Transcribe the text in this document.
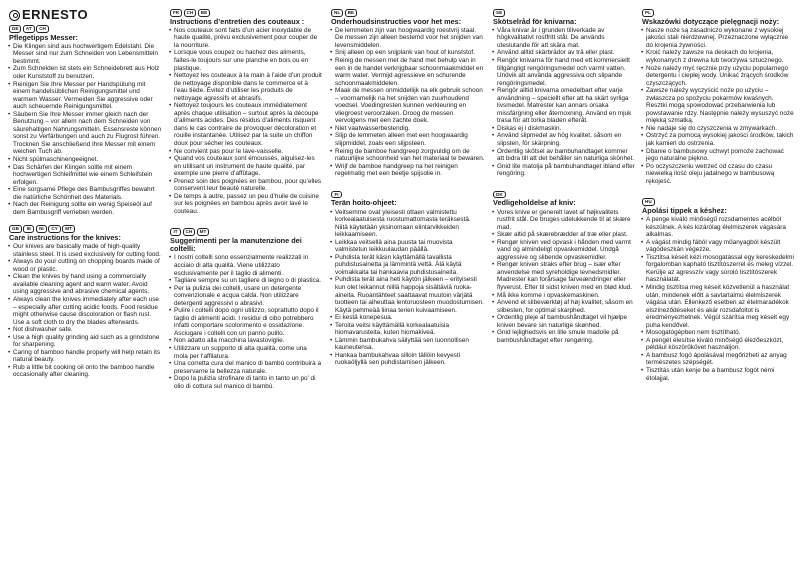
ERNESTO
DE	AT	CH
Pflegetipps Messer:
• Die Klingen sind aus hochwertigem Edelstahl. Die Messer sind nur zum Schneiden von Lebensmitteln bestimmt.
• Zum Schneiden ist stets ein Schneidebrett aus Holz oder Kunststoff zu benutzen.
• Reinigen Sie Ihre Messer per Handspülung mit einem handelsüblichen Reinigungsmittel und warmem Wasser. Vermeiden Sie aggressive oder auch scheuernde Reinigungsmittel.
• Säubern Sie Ihre Messer immer gleich nach der Benutzung – vor allem nach dem Schneiden von säurehaltigen Nahrungsmitteln. Essensreste können sonst zu Verfärbungen und auch zu Flugrost führen. Trocknen Sie anschließend Ihre Messer mit einem weichen Tuch ab.
• Nicht spülmaschinengeeignet.
• Das Schärfen der Klingen sollte mit einem hochwertigen Schleifmittel wie einem Schleifstein erfolgen.
• Eine sorgsame Pflege des Bambusgriffes bewahrt die natürliche Schönheit des Materials.
• Nach der Reinigung sollte ein wenig Speiseöl auf dem Bambusgriff verrieben werden.
GB	IE	NI	CY	MT
Care instructions for the knives:
• Our knives are basically made of high-quality stainless steel. It is used exclusively for cutting food.
• Always do your cutting on chopping boards made of wood or plastic.
• Clean the knives by hand using a commercially available cleaning agent and warm water. Avoid using aggressive and abrasive chemical agents.
• Always clean the knives immediately after each use – especially after cutting acidic foods. Food residue might otherwise cause discoloration or flash rust. Use a soft cloth to dry the blades afterwards.
• Not dishwasher safe.
• Use a high quality grinding aid such as a grindstone for sharpening.
• Caring of bamboo handle properly will help retain its natural beauty.
• Rub a little bit cooking oil onto the bamboo handle occasionally after cleaning.
FR	CH	BE
Instructions d’entretien des couteaux :
• Nos couteaux sont faits d’un acier inoxydable de haute qualité, prévu exclusivement pour couper de la nourriture.
• Lorsque vous coupez ou hachez des aliments, faites-le toujours sur une planche en bois ou en plastique.
• Nettoyez les couteaux à la main à l’aide d’un produit de nettoyage disponible dans le commerce et à l’eau tiède. Évitez d’utiliser les produits de nettoyage agressifs et abrasifs.
• Nettoyez toujours les couteaux immédiatement après chaque utilisation – surtout après la découpe d’aliments acides. Des résidus d’aliments risquent dans le cas contraire de provoquer décoloration et rouille instantanée. Utilisez par la suite un chiffon doux pour sécher les couteaux.
• Ne convient pas pour le lave-vaisselle.
• Quand vos couteaux sont émoussés, aiguisez-les en utilisant un instrument de haute qualité, par exemple une pierre d’affûtage.
• Prenez soin des poignées en bambou, pour qu’elles conservent leur beauté naturelle.
• De temps à autre, passez un peu d’huile de cuisine sur les poignées en bambou après avoir lavé le couteau.
IT	CH	MT
Suggerimenti per la manutenzione dei coltelli:
• I nostri coltelli sono essenzialmente realizzati in acciaio di alta qualità. Viene utilizzato esclusivamente per il taglio di alimenti.
• Tagliare sempre su un tagliere di legno o di plastica.
• Per la pulizia dei coltelli, usare un detergente convenzionale e acqua calda. Non utilizzare detergenti aggressivi o abrasivi.
• Pulire i coltelli dopo ogni utilizzo, soprattutto dopo il taglio di alimenti acidi. I residui di cibo potrebbero infatti comportare scolorimento e ossidazione. Asciugare i coltelli con un panno pulito.
• Non adatto alla macchina lavastoviglie.
• Utilizzare un supporto di alta qualità, come una mola per l’affilatura.
• Una corretta cura del manico di bambù contribuirà a preservarne la bellezza naturale.
• Dopo la pulizia strofinare di tanto in tanto un po’ di olio di cottura sul manico di bambù.
NL	BE
Onderhoudsinstructies voor het mes:
• De lemmeten zijn van hoogwaardig roestvrij staal. De messen zijn alleen bestemd voor het snijden van levensmiddelen.
• Snij alleen op een snijplank van hout of kunststof.
• Reinig de messen met de hand met behulp van in een in de handel verkrijgbaar schoonmaakmiddel en warm water. Vermijd agressieve en schurende schoonmaakmiddelen.
• Maak de messen onmiddellijk na elk gebruik schoon – voornamelijk na het snijden van zuurhoudend voedsel. Voedingresten kunnen verkleuring en vliegroest veroorzaken. Droog de messen vervolgens met een zachte doek.
• Niet vaatwasserbestendig.
• Slijp de lemmeten alleen met een hoogwaardig slijpmiddel, zoals een slijpsteen.
• Reinig de bamboe handgreep zorgvuldig om de natuurlijke schoonheid van het materiaal te bewaren.
• Wrijf de bamboe handgreep na het reinigen regelmatig met een beetje spijsolie in.
FI
Terän hoito-ohjeet:
• Veitsemme ovat yleisesti ottaen valmistettu korkealaatuisesta ruostumattomasta teräksestä. Niitä käytetään yksinomaan elintarvikkeiden leikkaamiseen.
• Leikkaa veitsellä aina puusta tai muovista valmistetun leikkuulaudan päällä.
• Puhdista terät käsin käyttämällä tavallista puhdistusainetta ja lämmintä vettä. Älä käytä voimakkaita tai hankaavia puhdistusaineita.
• Puhdista terät aina heti käytön jälkeen – erityisesti kun olet leikannut niillä happoja sisältäviä ruoka-aineita. Ruoantähteet saattaavat muutoin värjätä tuotteen tai aiheuttaa lentoruosteen muodostumisen. Käytä pehmeää liinaa terien kuivaamiseen.
• Ei kestä konepesua.
• Teroita veitsi käyttämällä korkealaatuisia hiomavarusteita, kuten hiomakiveä.
• Lämmin bambukahva säilyttää sen luonnollisen kauneutensa.
• Hankaa bambukahvaa silloin tällöin kevyesti ruokaöljyllä sen puhdistamisen jälkeen.
SE
Skötselråd för knivarna:
• Våra knivar är i grunden tillverkade av högkvalitativt rostfritt stål. De används uteslutande för att skära mat.
• Använd alltid skärbrädor av trä eller plast.
• Rengör knivarna för hand med ett kommersiellt tillgängligt rengöringsmedel och varmt vatten. Undvik att använda aggressiva och slipande rengöringsmedel.
• Rengör alltid knivarna omedelbart efter varje användning – speciellt efter att ha skärt syrliga livsmedel. Matrester kan annars orsaka missfärgning eller åternoxning. Använd en mjuk trasa för att torka bladen efteråt.
• Diskas ej i diskmaskin.
• Använd slipmedel av hög kvalitet, såsom en slipsten, för skärpning.
• Ordentlig skötsel av bambuhandtaget kommer att bidra till att det behåller sin naturliga skönhet.
• Gnid lite matolja på bambuhandtaget ibland efter rengöring.
DK
Vedligeholdelse af kniv:
• Vores knive er generelt lavet af højkvalitets rustfrit stål. De bruges udelukkende til at skære mad.
• Skær altid på skærebrædder af træ eller plast.
• Rengør kniven ved opvask i hånden med varmt vand og almindeligt opvaskemiddel. Undgå aggressive og slibende opvaskemidler.
• Rengør kniven straks efter brug – især efter anvendelse med syreholdige levnedsmidler. Madrester kan forårsage farveændringer eller flyverust. Efter til sidst kniven med en blød klud.
• Må ikke komme i opvaskemaskinen.
• Anvend et slibeværktøj af høj kvalitet, såsom en slibesten, for optimal skarphed.
• Ordentlig pleje af bambushåndtaget vil hjælpe kniven bevare sin naturlige skønhed.
• Gnid lejlighedsvis en lille smule madolie på bambushåndtaget efter rengøring.
PL
Wskazówki dotyczące pielęgnacji noży:
• Nasze noże są zasadniczo wykonane z wysokiej jakości stali nierdzewnej. Przeznaczone wyłącznie do krojenia żywności.
• Kroić należy zawsze na deskach do krojenia, wykonanych z drewna lub tworzywa sztucznego.
• Noże należy myć ręcznie przy użyciu popularnego detergentu i ciepłej wody. Unikać żrących środków czyszczących.
• Zawsze należy wyczyścić noże po użyciu – zwłaszcza po spożyciu pokarmów kwaśnych. Resztki mogą spowodować przebarwienia lub powstawanie rdzy. Następnie należy wysuszyć noże miękką szmatką.
• Nie nadaje się do czyszczenia w zmywarkach.
• Ostrzyć za pomocą wysokiej jakości środków, takich jak kamień do ostrzenia.
• Dbanie o bambusowy uchwyt pomoże zachować jego naturalne piękno.
• Po oczyszczeniu wetrzeć od czasu do czasu niewielką ilość oleju jadalnego w bambusową rękojeść.
HU
Ápolási tippek a késhez:
• A penge kiváló minőségű rozsdamentes acélból készülnek. A kés kizárólag élelmiszerek vágására alkalmas.
• A vágást mindig fából vagy műanyagból készült vágódeszkán végezze.
• Tisztítsa késeit kézi mosogatással egy kereskedelmi forgalomban kapható tisztítószerrel és meleg vízzel. Kerülje az agresszív vagy súroló tisztítószerek használatát.
• Mindig tisztítsa meg késeit közvetlenül a használat után, mindenek előtt a savtartalmú élelmiszerek vágása után. Ellenkező esetben az ételmaradékok elszíneződéseket és akár rozsdafoltot is eredményezhetnek. Végül szárítsa meg késeit egy puha kendővel.
• Mosogatógépben nem tisztítható.
• A pengét élesítse kiváló minőségű élezőeszközt, például köszörűkövet használjon.
• A bambusz fogó ápolásával megőrizheti az anyag természetes szépségét.
• Tisztítás után kenje be a bambusz fogót némi étolajjal.
